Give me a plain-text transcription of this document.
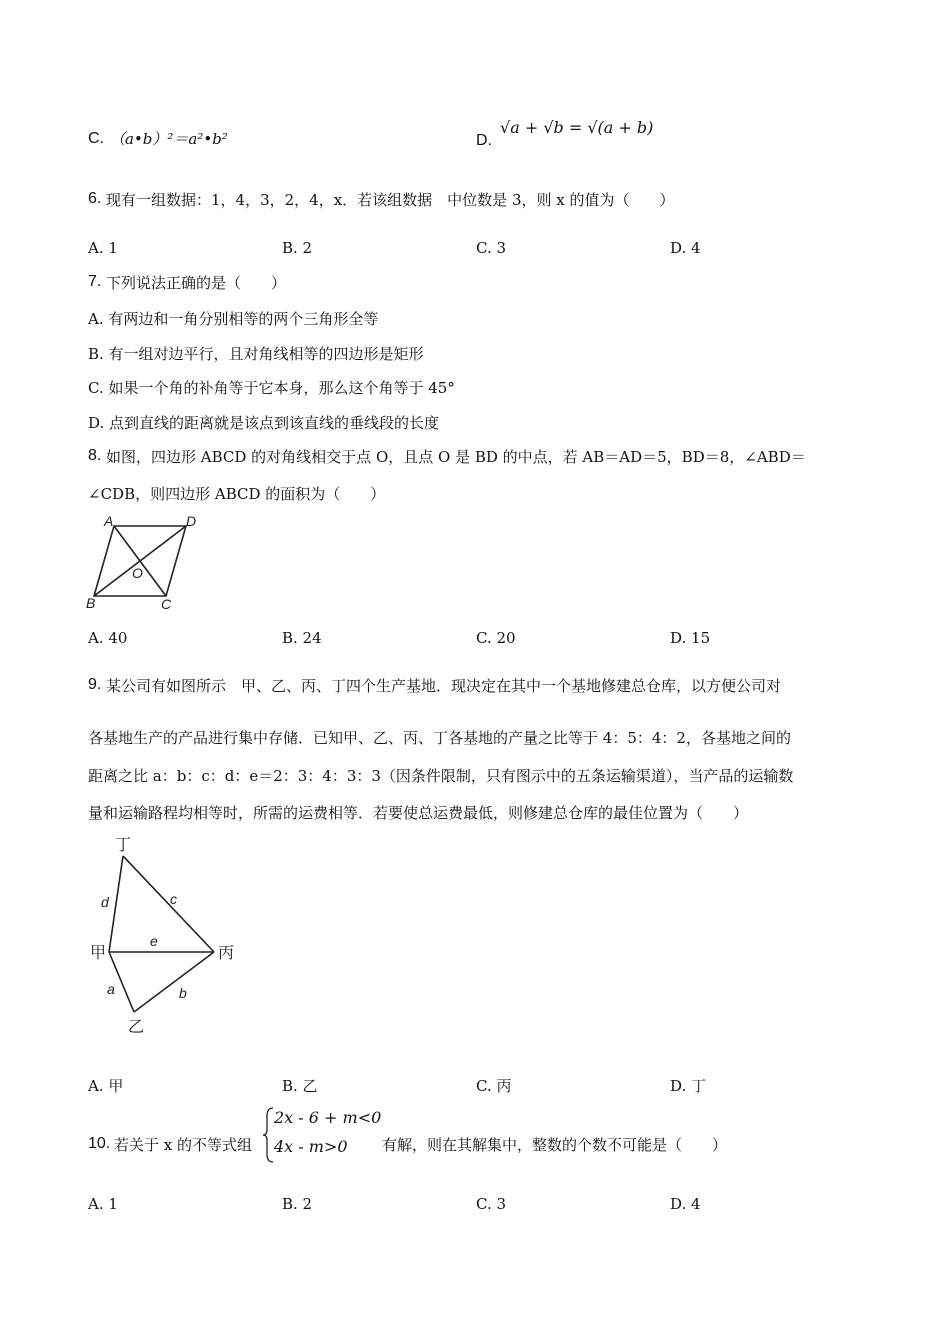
C. （a•b）²＝a²•b²	D.
√a + √b = √(a + b)
6. 现有一组数据：1，4，3，2，4，x．若该组数据　中位数是 3，则 x 的值为（　　）
A. 1	B. 2	C. 3	D. 4
7. 下列说法正确的是（　　）
A. 有两边和一角分别相等的两个三角形全等
B. 有一组对边平行，且对角线相等的四边形是矩形
C. 如果一个角的补角等于它本身，那么这个角等于 45°
D. 点到直线的距离就是该点到该直线的垂线段的长度
8. 如图，四边形 ABCD 的对角线相交于点 O，且点 O 是 BD 的中点，若 AB＝AD＝5，BD＝8，∠ABD＝
∠CDB，则四边形 ABCD 的面积为（　　）
A	D
O
B	C
A. 40	B. 24	C. 20	D. 15
9. 某公司有如图所示　甲、乙、丙、丁四个生产基地．现决定在其中一个基地修建总仓库，以方便公司对
各基地生产的产品进行集中存储．已知甲、乙、丙、丁各基地的产量之比等于 4：5：4：2，各基地之间的
距离之比 a：b：c：d：e＝2：3：4：3：3（因条件限制，只有图示中的五条运输渠道），当产品的运输数
量和运输路程均相等时，所需的运费相等．若要使总运费最低，则修建总仓库的最佳位置为（　　）
丁
d	c
甲
e
丙
a	b
乙
A. 甲	B. 乙	C. 丙	D. 丁
10. 若关于 x 的不等式组
2x - 6 + m<0
4x - m>0 有解，则在其解集中，整数的个数不可能是（　　）
A. 1	B. 2	C. 3	D. 4
